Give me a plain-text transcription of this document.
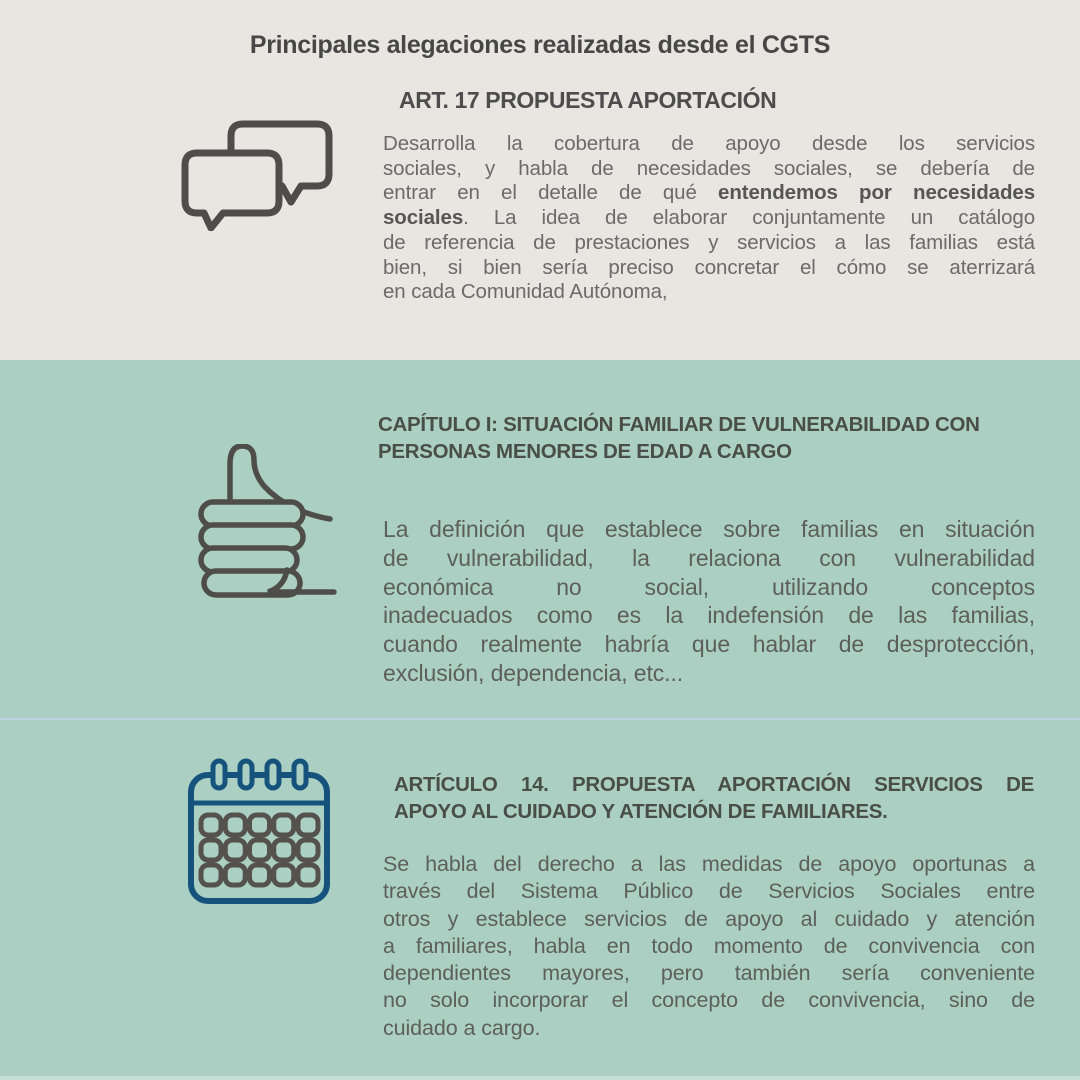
Principales alegaciones realizadas desde el CGTS
ART. 17 PROPUESTA APORTACIÓN
Desarrolla la cobertura de apoyo desde los servicios
sociales, y habla de necesidades sociales, se debería de
entrar en el detalle de qué entendemos por necesidades
sociales. La idea de elaborar conjuntamente un catálogo
de referencia de prestaciones y servicios a las familias está
bien, si bien sería preciso concretar el cómo se aterrizará
en cada Comunidad Autónoma,
CAPÍTULO I: SITUACIÓN FAMILIAR DE VULNERABILIDAD CON
PERSONAS MENORES DE EDAD A CARGO
La definición que establece sobre familias en situación
de vulnerabilidad, la relaciona con vulnerabilidad
económica no social, utilizando conceptos
inadecuados como es la indefensión de las familias,
cuando realmente habría que hablar de desprotección,
exclusión, dependencia, etc...
ARTÍCULO 14. PROPUESTA APORTACIÓN SERVICIOS DE
APOYO AL CUIDADO Y ATENCIÓN DE FAMILIARES.
Se habla del derecho a las medidas de apoyo oportunas a
través del Sistema Público de Servicios Sociales entre
otros y establece servicios de apoyo al cuidado y atención
a familiares, habla en todo momento de convivencia con
dependientes mayores, pero también sería conveniente
no solo incorporar el concepto de convivencia, sino de
cuidado a cargo.
